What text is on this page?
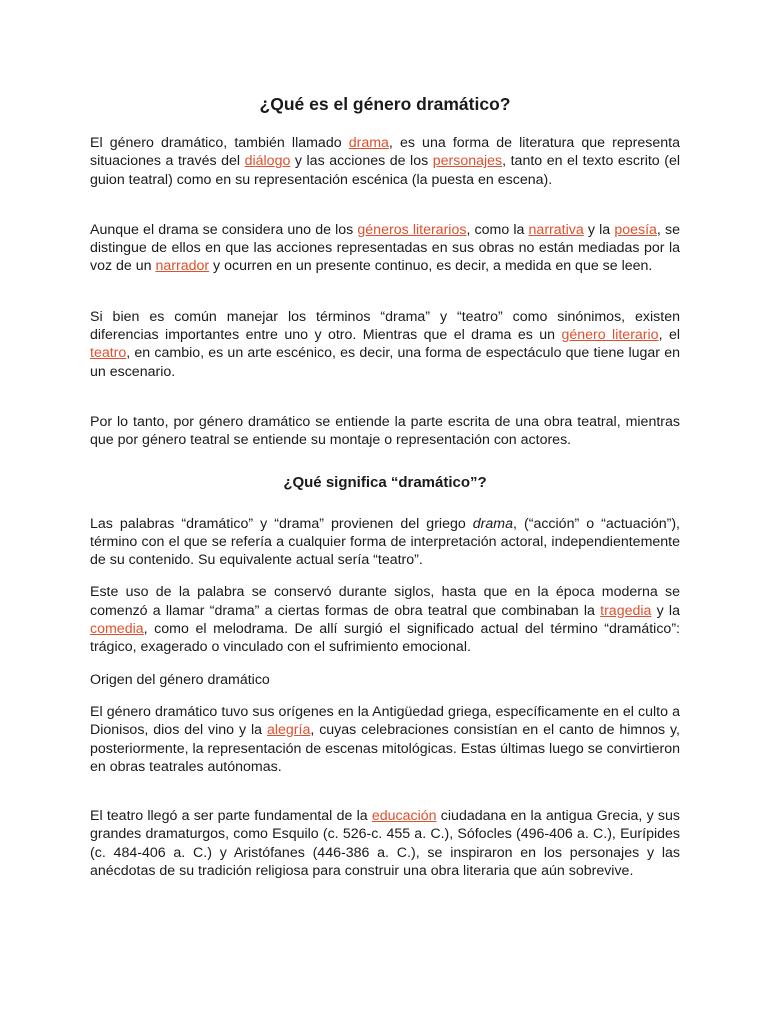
¿Qué es el género dramático?

El género dramático, también llamado drama, es una forma de literatura que representa situaciones a través del diálogo y las acciones de los personajes, tanto en el texto escrito (el guion teatral) como en su representación escénica (la puesta en escena).

Aunque el drama se considera uno de los géneros literarios, como la narrativa y la poesía, se distingue de ellos en que las acciones representadas en sus obras no están mediadas por la voz de un narrador y ocurren en un presente continuo, es decir, a medida en que se leen.

Si bien es común manejar los términos “drama” y “teatro” como sinónimos, existen diferencias importantes entre uno y otro. Mientras que el drama es un género literario, el teatro, en cambio, es un arte escénico, es decir, una forma de espectáculo que tiene lugar en un escenario.

Por lo tanto, por género dramático se entiende la parte escrita de una obra teatral, mientras que por género teatral se entiende su montaje o representación con actores.

¿Qué significa “dramático”?

Las palabras “dramático” y “drama” provienen del griego drama, (“acción” o “actuación”), término con el que se refería a cualquier forma de interpretación actoral, independientemente de su contenido. Su equivalente actual sería “teatro”.

Este uso de la palabra se conservó durante siglos, hasta que en la época moderna se comenzó a llamar “drama” a ciertas formas de obra teatral que combinaban la tragedia y la comedia, como el melodrama. De allí surgió el significado actual del término “dramático”: trágico, exagerado o vinculado con el sufrimiento emocional.

Origen del género dramático

El género dramático tuvo sus orígenes en la Antigüedad griega, específicamente en el culto a Dionisos, dios del vino y la alegría, cuyas celebraciones consistían en el canto de himnos y, posteriormente, la representación de escenas mitológicas. Estas últimas luego se convirtieron en obras teatrales autónomas.

El teatro llegó a ser parte fundamental de la educación ciudadana en la antigua Grecia, y sus grandes dramaturgos, como Esquilo (c. 526-c. 455 a. C.), Sófocles (496-406 a. C.), Eurípides (c. 484-406 a. C.) y Aristófanes (446-386 a. C.), se inspiraron en los personajes y las anécdotas de su tradición religiosa para construir una obra literaria que aún sobrevive.
